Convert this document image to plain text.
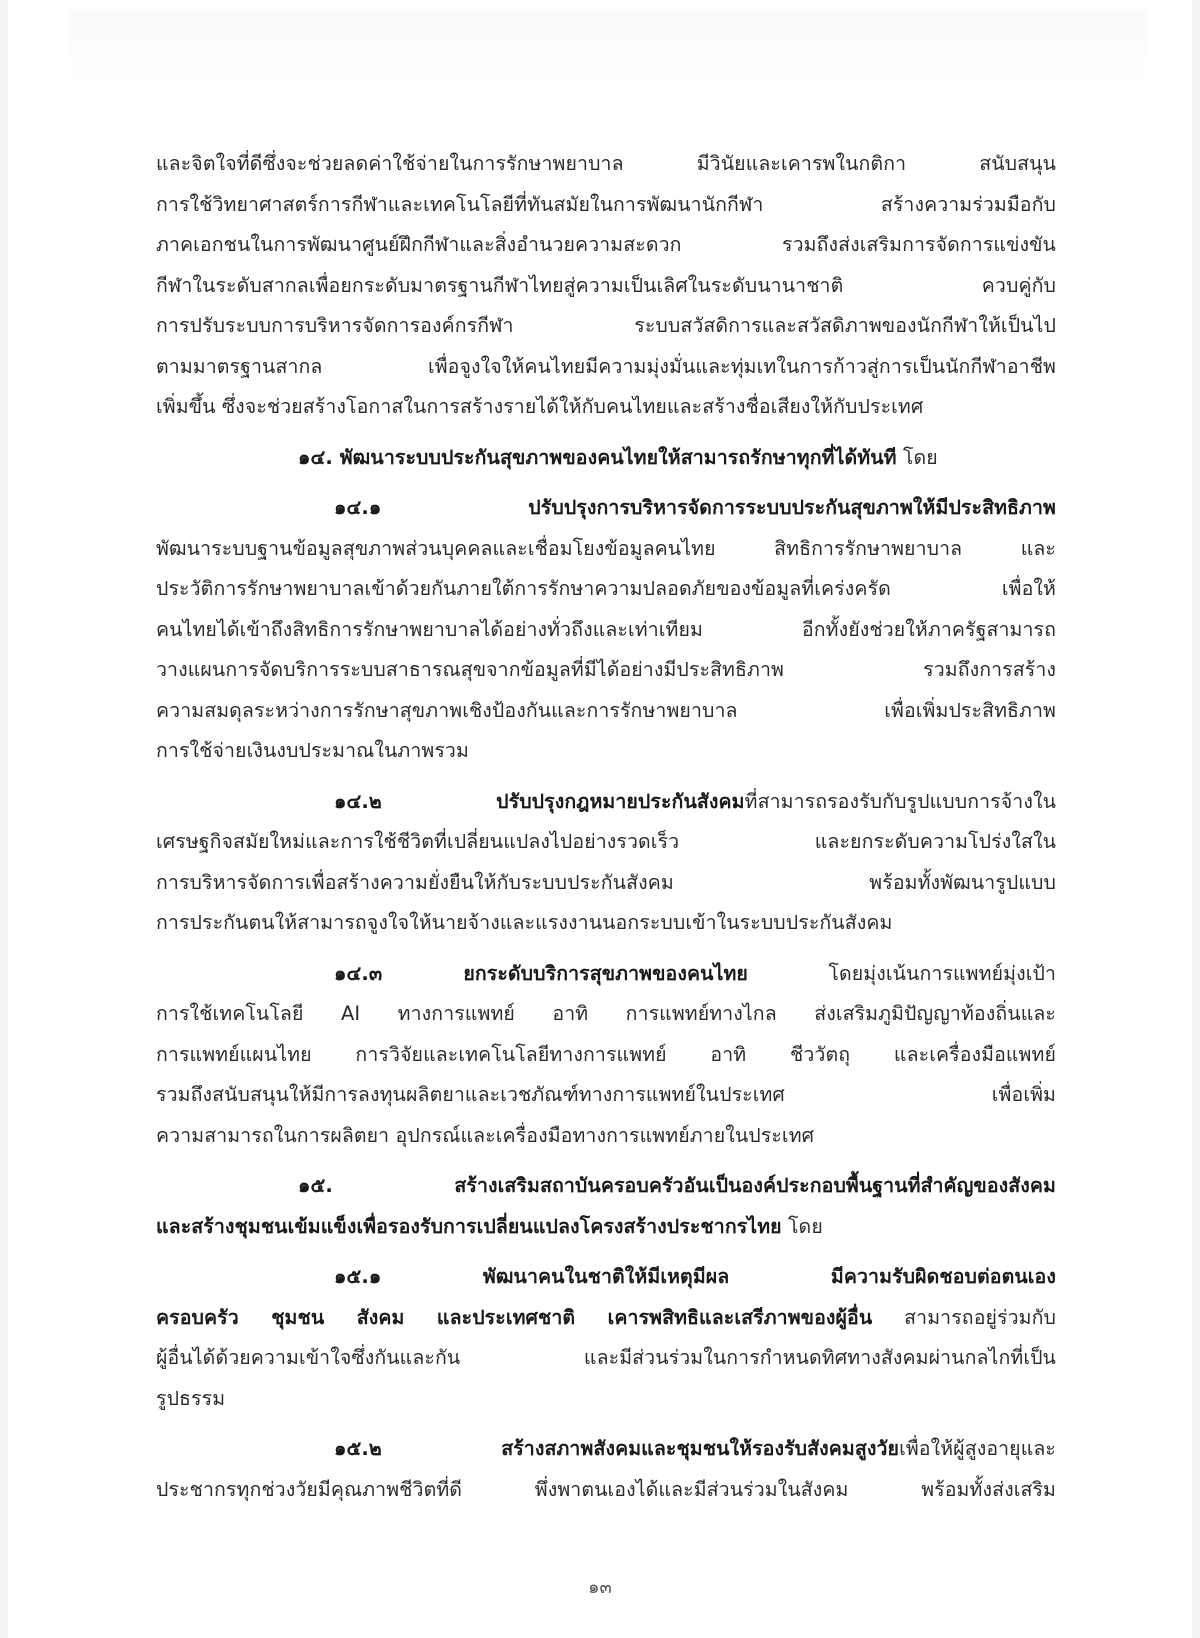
และจิตใจที่ดีซึ่งจะช่วยลดค่าใช้จ่ายในการรักษาพยาบาล มีวินัยและเคารพในกติกา สนับสนุน
การใช้วิทยาศาสตร์การกีฬาและเทคโนโลยีที่ทันสมัยในการพัฒนานักกีฬา สร้างความร่วมมือกับ
ภาคเอกชนในการพัฒนาศูนย์ฝึกกีฬาและสิ่งอำนวยความสะดวก รวมถึงส่งเสริมการจัดการแข่งขัน
กีฬาในระดับสากลเพื่อยกระดับมาตรฐานกีฬาไทยสู่ความเป็นเลิศในระดับนานาชาติ ควบคู่กับ
การปรับระบบการบริหารจัดการองค์กรกีฬา ระบบสวัสดิการและสวัสดิภาพของนักกีฬาให้เป็นไป
ตามมาตรฐานสากล เพื่อจูงใจให้คนไทยมีความมุ่งมั่นและทุ่มเทในการก้าวสู่การเป็นนักกีฬาอาชีพ
เพิ่มขึ้น ซึ่งจะช่วยสร้างโอกาสในการสร้างรายได้ให้กับคนไทยและสร้างชื่อเสียงให้กับประเทศ
๑๔. พัฒนาระบบประกันสุขภาพของคนไทยให้สามารถรักษาทุกที่ได้ทันที โดย
๑๔.๑ ปรับปรุงการบริหารจัดการระบบประกันสุขภาพให้มีประสิทธิภาพ
พัฒนาระบบฐานข้อมูลสุขภาพส่วนบุคคลและเชื่อมโยงข้อมูลคนไทย สิทธิการรักษาพยาบาล และ
ประวัติการรักษาพยาบาลเข้าด้วยกันภายใต้การรักษาความปลอดภัยของข้อมูลที่เคร่งครัด เพื่อให้
คนไทยได้เข้าถึงสิทธิการรักษาพยาบาลได้อย่างทั่วถึงและเท่าเทียม อีกทั้งยังช่วยให้ภาครัฐสามารถ
วางแผนการจัดบริการระบบสาธารณสุขจากข้อมูลที่มีได้อย่างมีประสิทธิภาพ รวมถึงการสร้าง
ความสมดุลระหว่างการรักษาสุขภาพเชิงป้องกันและการรักษาพยาบาล เพื่อเพิ่มประสิทธิภาพ
การใช้จ่ายเงินงบประมาณในภาพรวม
๑๔.๒ ปรับปรุงกฎหมายประกันสังคมที่สามารถรองรับกับรูปแบบการจ้างใน
เศรษฐกิจสมัยใหม่และการใช้ชีวิตที่เปลี่ยนแปลงไปอย่างรวดเร็ว และยกระดับความโปร่งใสใน
การบริหารจัดการเพื่อสร้างความยั่งยืนให้กับระบบประกันสังคม พร้อมทั้งพัฒนารูปแบบ
การประกันตนให้สามารถจูงใจให้นายจ้างและแรงงานนอกระบบเข้าในระบบประกันสังคม
๑๔.๓ ยกระดับบริการสุขภาพของคนไทย โดยมุ่งเน้นการแพทย์มุ่งเป้า
การใช้เทคโนโลยี AI ทางการแพทย์ อาทิ การแพทย์ทางไกล ส่งเสริมภูมิปัญญาท้องถิ่นและ
การแพทย์แผนไทย การวิจัยและเทคโนโลยีทางการแพทย์ อาทิ ชีววัตถุ และเครื่องมือแพทย์
รวมถึงสนับสนุนให้มีการลงทุนผลิตยาและเวชภัณฑ์ทางการแพทย์ในประเทศ เพื่อเพิ่ม
ความสามารถในการผลิตยา อุปกรณ์และเครื่องมือทางการแพทย์ภายในประเทศ
๑๕. สร้างเสริมสถาบันครอบครัวอันเป็นองค์ประกอบพื้นฐานที่สำคัญของสังคม
และสร้างชุมชนเข้มแข็งเพื่อรองรับการเปลี่ยนแปลงโครงสร้างประชากรไทย โดย
๑๕.๑ พัฒนาคนในชาติให้มีเหตุมีผล มีความรับผิดชอบต่อตนเอง
ครอบครัว ชุมชน สังคม และประเทศชาติ เคารพสิทธิและเสรีภาพของผู้อื่น สามารถอยู่ร่วมกับ
ผู้อื่นได้ด้วยความเข้าใจซึ่งกันและกัน และมีส่วนร่วมในการกำหนดทิศทางสังคมผ่านกลไกที่เป็น
รูปธรรม
๑๕.๒ สร้างสภาพสังคมและชุมชนให้รองรับสังคมสูงวัยเพื่อให้ผู้สูงอายุและ
ประชากรทุกช่วงวัยมีคุณภาพชีวิตที่ดี พึ่งพาตนเองได้และมีส่วนร่วมในสังคม พร้อมทั้งส่งเสริม
๑๓
